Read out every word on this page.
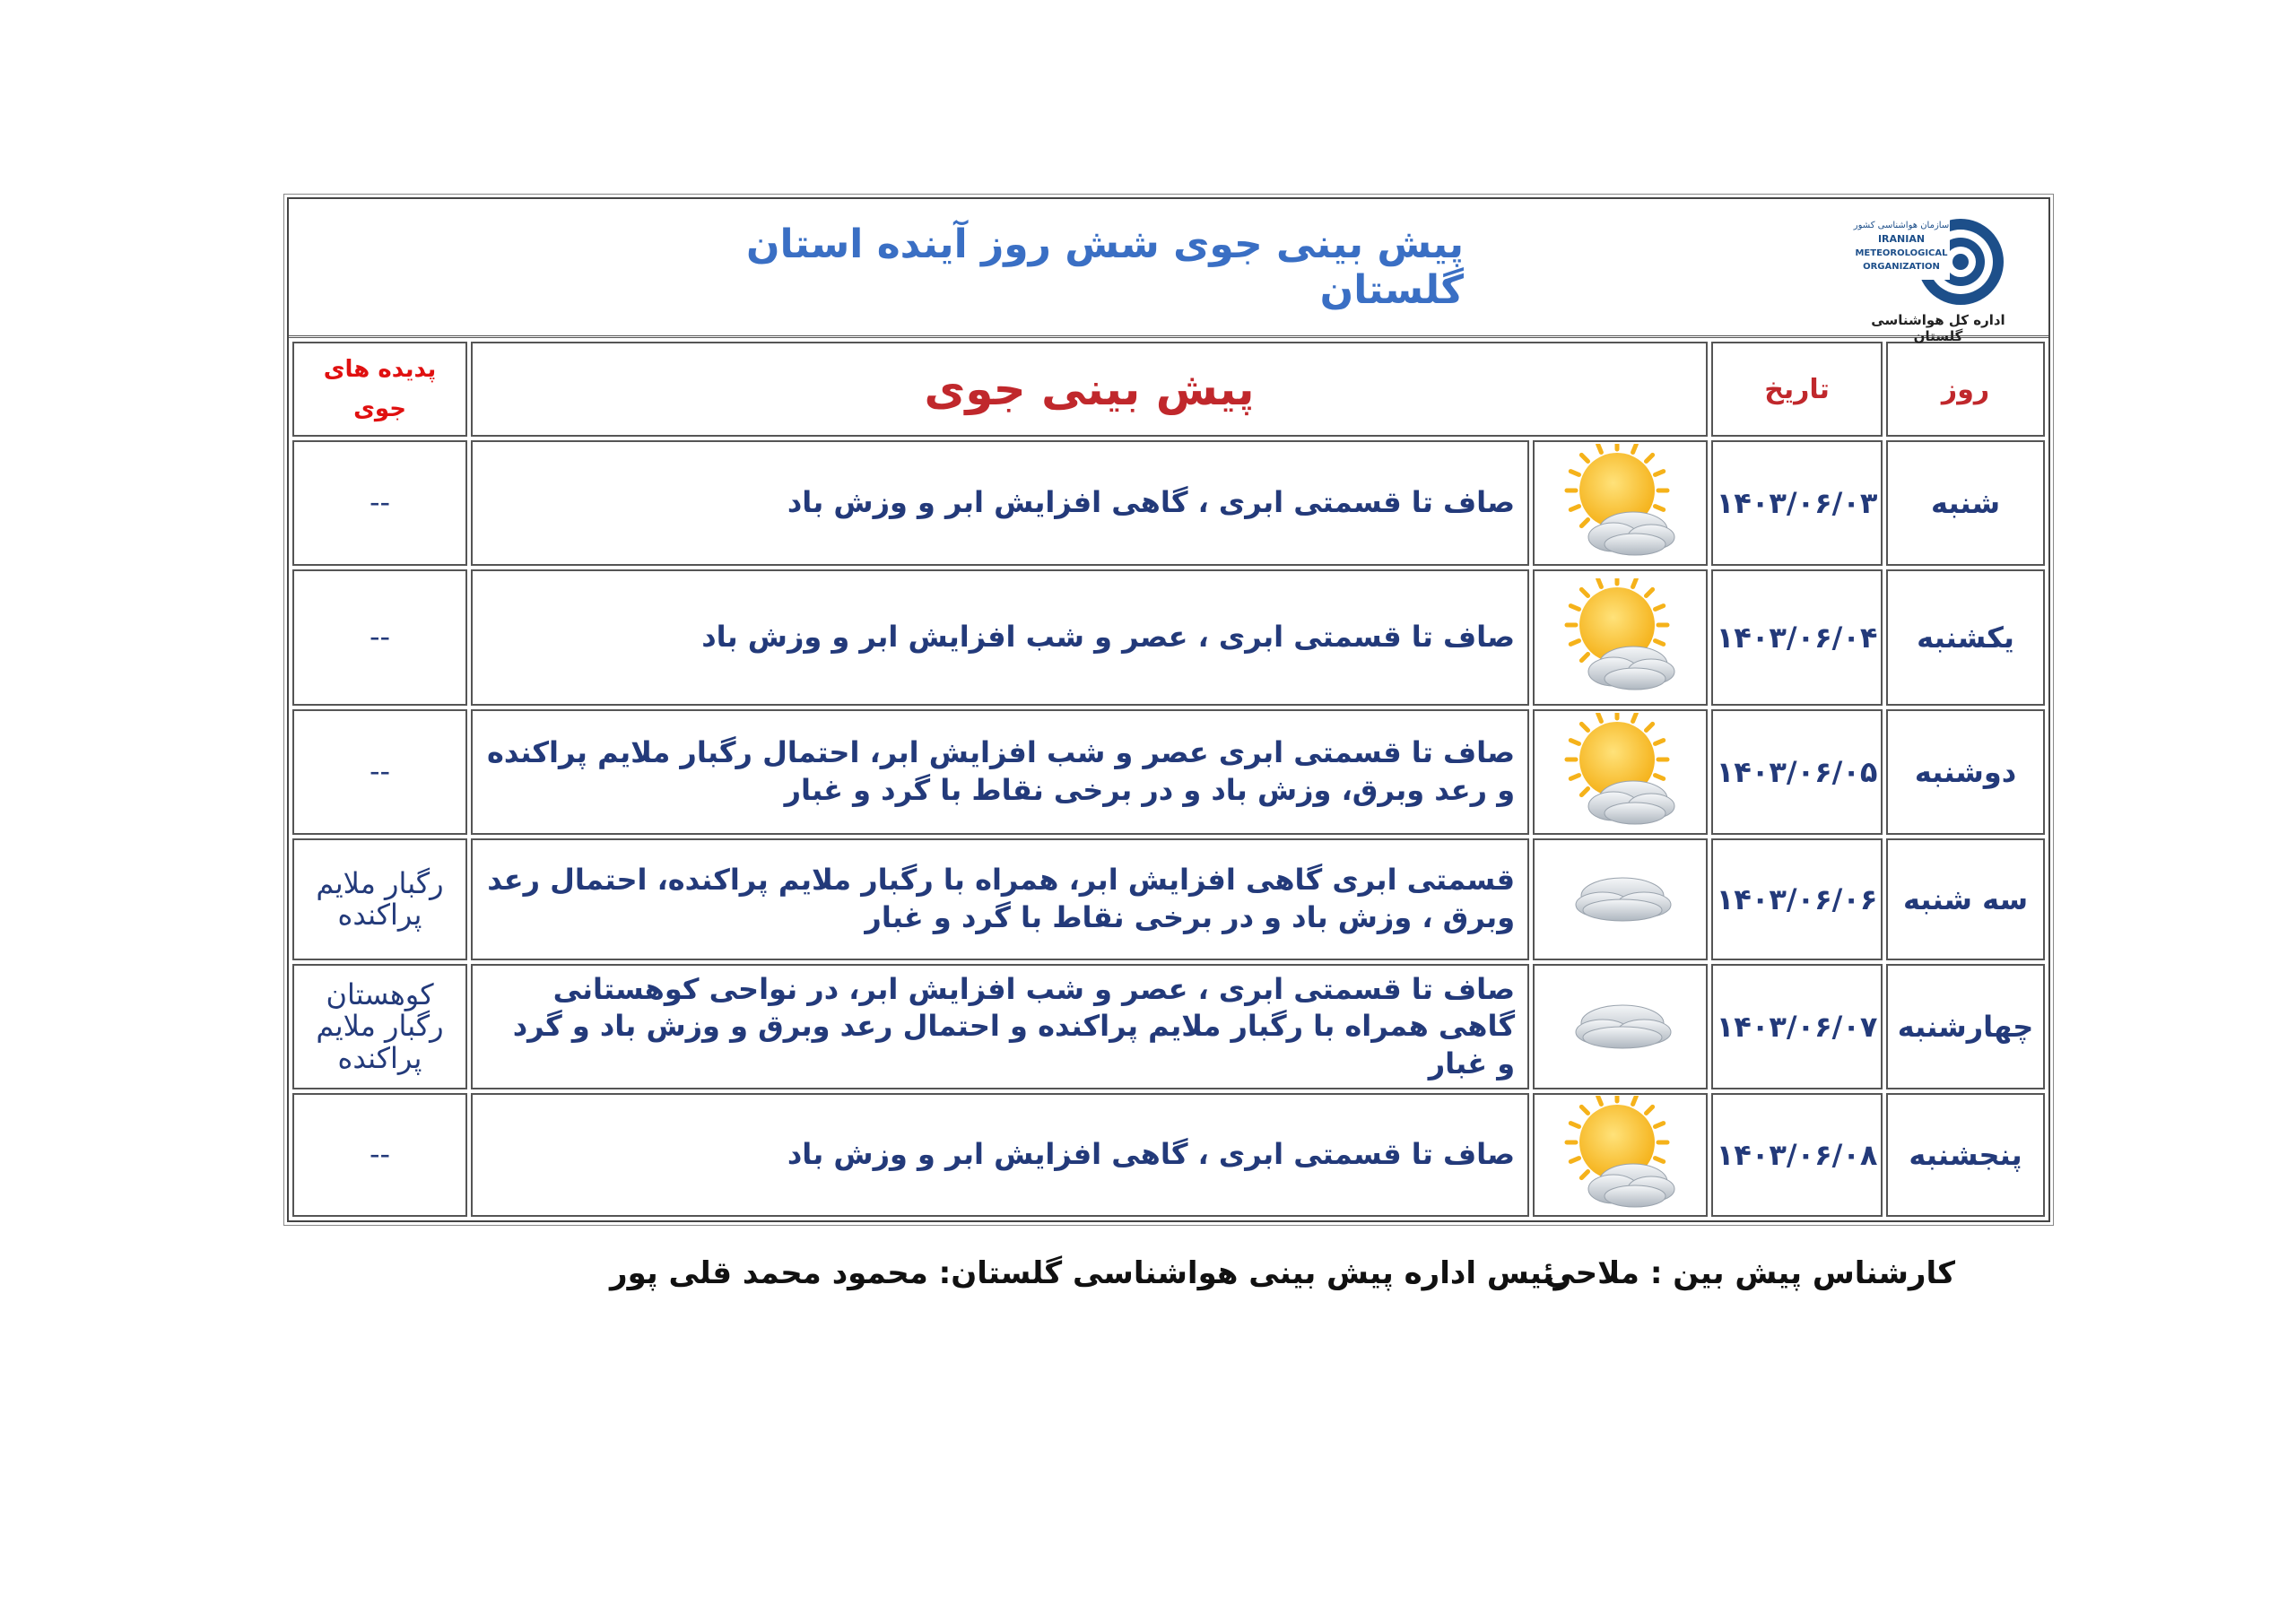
پیش بینی جوی شش روز آینده استان گلستان
سازمان هواشناسی کشور
IRANIAN
METEOROLOGICAL
ORGANIZATION
اداره کل هواشناسی گلستان
پدیده های جوی	پیش بینی جوی		تاریخ	روز
--	صاف تا قسمتی ابری ، گاهی افزایش ابر و وزش باد		۱۴۰۳/۰۶/۰۳	شنبه
--	صاف تا قسمتی ابری ، عصر و شب افزایش ابر و وزش باد		۱۴۰۳/۰۶/۰۴	یکشنبه
--	صاف تا قسمتی ابری عصر و شب افزایش ابر، احتمال رگبار ملایم پراکنده و رعد وبرق، وزش باد و در برخی نقاط با گرد و غبار		۱۴۰۳/۰۶/۰۵	دوشنبه
رگبار ملایم پراکنده	قسمتی ابری گاهی افزایش ابر، همراه با رگبار ملایم پراکنده، احتمال رعد وبرق ، وزش باد و در برخی نقاط با گرد و غبار		۱۴۰۳/۰۶/۰۶	سه شنبه
کوهستان رگبار ملایم پراکنده	صاف تا قسمتی ابری ، عصر و شب افزایش ابر، در نواحی کوهستانی گاهی همراه با رگبار ملایم پراکنده و احتمال رعد وبرق و وزش باد و گرد و غبار		۱۴۰۳/۰۶/۰۷	چهارشنبه
--	صاف تا قسمتی ابری ، گاهی افزایش ابر و وزش باد		۱۴۰۳/۰۶/۰۸	پنجشنبه
کارشناس پیش بین : ملاحی
رئیس اداره پیش بینی هواشناسی گلستان: محمود محمد قلی پور
